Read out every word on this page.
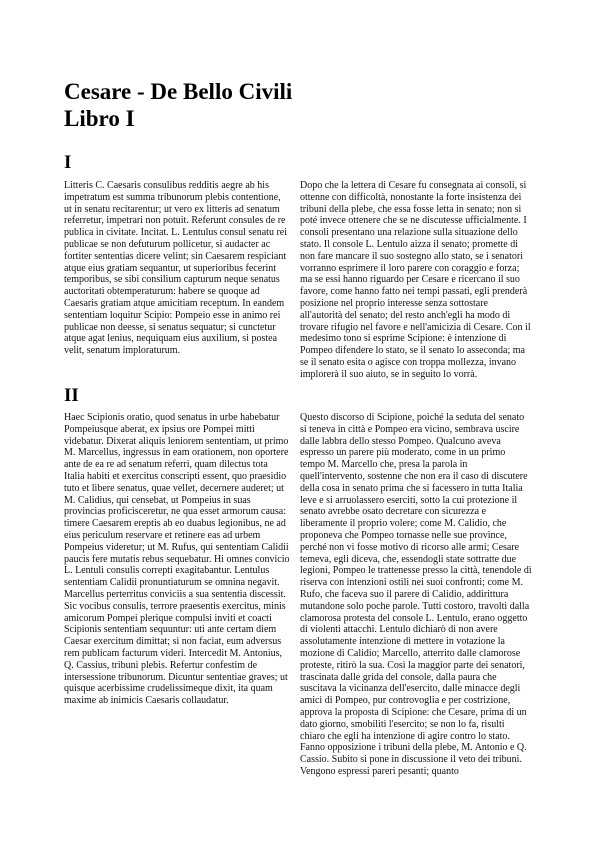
Cesare - De Bello Civili
Libro I
I

Litteris C. Caesaris consulibus redditis aegre ab his impetratum est summa tribunorum plebis contentione, ut in senatu recitarentur; ut vero ex litteris ad senatum referretur, impetrari non potuit. Referunt consules de re publica in civitate. Incitat. L. Lentulus consul senatu rei publicae se non defuturum pollicetur, si audacter ac fortiter sententias dicere velint; sin Caesarem respiciant atque eius gratiam sequantur, ut superioribus fecerint temporibus, se sibi consilium capturum neque senatus auctoritati obtemperaturum: habere se quoque ad Caesaris gratiam atque amicitiam receptum. In eandem sententiam loquitur Scipio: Pompeio esse in animo rei publicae non deesse, si senatus sequatur; si cunctetur atque agat lenius, nequiquam eius auxilium, si postea velit, senatum imploraturum.

Dopo che la lettera di Cesare fu consegnata ai consoli, si ottenne con difficoltà, nonostante la forte insistenza dei tribuni della plebe, che essa fosse letta in senato; non si poté invece ottenere che se ne discutesse ufficialmente. I consoli presentano una relazione sulla situazione dello stato. Il console L. Lentulo aizza il senato; promette di non fare mancare il suo sostegno allo stato, se i senatori vorranno esprimere il loro parere con coraggio e forza; ma se essi hanno riguardo per Cesare e ricercano il suo favore, come hanno fatto nei tempi passati, egli prenderà posizione nel proprio interesse senza sottostare all'autorità del senato; del resto anch'egli ha modo di trovare rifugio nel favore e nell'amicizia di Cesare. Con il medesimo tono si esprime Scipione: è intenzione di Pompeo difendere lo stato, se il senato lo asseconda; ma se il senato esita o agisce con troppa mollezza, invano implorerà il suo aiuto, se in seguito lo vorrà.

II

Haec Scipionis oratio, quod senatus in urbe habebatur Pompeiusque aberat, ex ipsius ore Pompei mitti videbatur. Dixerat aliquis leniorem sententiam, ut primo M. Marcellus, ingressus in eam orationem, non oportere ante de ea re ad senatum referri, quam dilectus tota Italia habiti et exercitus conscripti essent, quo praesidio tuto et libere senatus, quae vellet, decernere auderet; ut M. Calidius, qui censebat, ut Pompeius in suas provincias proficisceretur, ne qua esset armorum causa: timere Caesarem ereptis ab eo duabus legionibus, ne ad eius periculum reservare et retinere eas ad urbem Pompeius videretur; ut M. Rufus, qui sententiam Calidii paucis fere mutatis rebus sequebatur. Hi omnes convicio L. Lentuli consulis correpti exagitabantur. Lentulus sententiam Calidii pronuntiaturum se omnina negavit. Marcellus perterritus conviciis a sua sententia discessit. Sic vocibus consulis, terrore praesentis exercitus, minis amicorum Pompei plerique compulsi inviti et coacti Scipionis sententiam sequuntur: uti ante certam diem Caesar exercitum dimittat; si non faciat, eum adversus rem publicam facturum videri. Intercedit M. Antonius, Q. Cassius, tribuni plebis. Refertur confestim de intersessione tribunorum. Dicuntur sententiae graves; ut quisque acerbissime crudelissimeque dixit, ita quam maxime ab inimicis Caesaris collaudatur.

Questo discorso di Scipione, poiché la seduta del senato si teneva in città e Pompeo era vicino, sembrava uscire dalle labbra dello stesso Pompeo. Qualcuno aveva espresso un parere più moderato, come in un primo tempo M. Marcello che, presa la parola in quell'intervento, sostenne che non era il caso di discutere della cosa in senato prima che si facessero in tutta Italia leve e si arruolassero eserciti, sotto la cui protezione il senato avrebbe osato decretare con sicurezza e liberamente il proprio volere; come M. Calidio, che proponeva che Pompeo tornasse nelle sue province, perché non vi fosse motivo di ricorso alle armi; Cesare temeva, egli diceva, che, essendogli state sottratte due legioni, Pompeo le trattenesse presso la città, tenendole di riserva con intenzioni ostili nei suoi confronti; come M. Rufo, che faceva suo il parere di Calidio, addirittura mutandone solo poche parole. Tutti costoro, travolti dalla clamorosa protesta del console L. Lentulo, erano oggetto di violenti attacchi. Lentulo dichiarò di non avere assolutamente intenzione di mettere in votazione la mozione di Calidio; Marcello, atterrito dalle clamorose proteste, ritirò la sua. Così la maggior parte dei senatori, trascinata dalle grida del console, dalla paura che suscitava la vicinanza dell'esercito, dalle minacce degli amici di Pompeo, pur controvoglia e per costrizione, approva la proposta di Scipione: che Cesare, prima di un dato giorno, smobiliti l'esercito; se non lo fa, risulti chiaro che egli ha intenzione di agire contro lo stato. Fanno opposizione i tribuni della plebe, M. Antonio e Q. Cassio. Subito si pone in discussione il veto dei tribuni. Vengono espressi pareri pesanti; quanto
